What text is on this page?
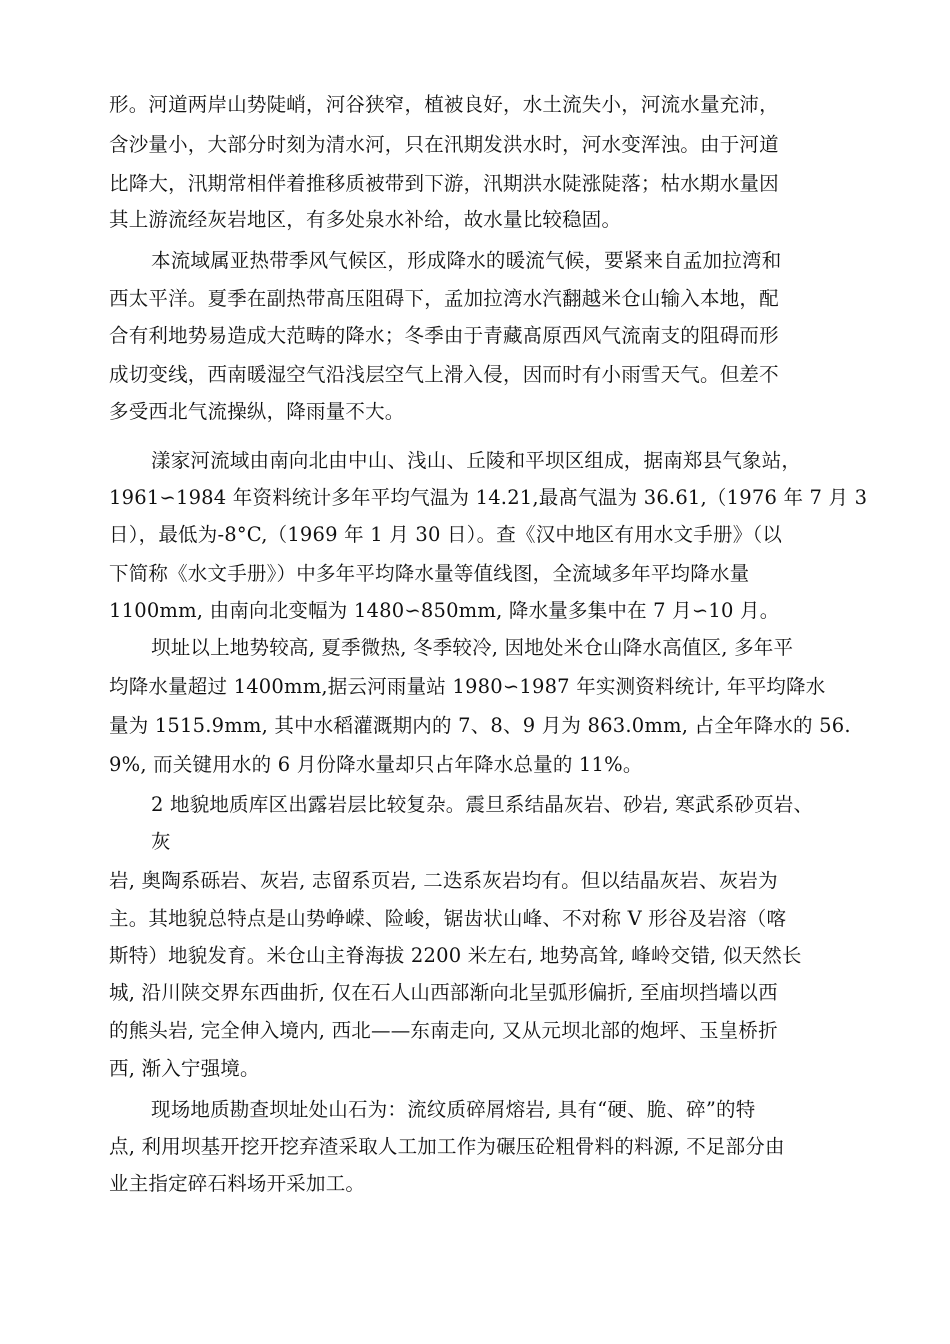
形。河道两岸山势陡峭，河谷狭窄，植被良好，水土流失小，河流水量充沛，
含沙量小，大部分时刻为清水河，只在汛期发洪水时，河水变浑浊。由于河道
比降大，汛期常相伴着推移质被带到下游，汛期洪水陡涨陡落；枯水期水量因
其上游流经灰岩地区，有多处泉水补给，故水量比较稳固。
本流域属亚热带季风气候区，形成降水的暖流气候，要紧来自孟加拉湾和
西太平洋。夏季在副热带髙压阻碍下，孟加拉湾水汽翻越米仓山输入本地，配
合有利地势易造成大范畴的降水；冬季由于青藏髙原西风气流南支的阻碍而形
成切变线，西南暖湿空气沿浅层空气上滑入侵，因而时有小雨雪天气。但差不
多受西北气流操纵，降雨量不大。
漾家河流域由南向北由中山、浅山、丘陵和平坝区组成，据南郑县气象站，
1961∽1984 年资料统计多年平均气温为 14.21,最髙气温为 36.61,（1976 年 7 月 3
日），最低为-8°C,（1969 年 1 月 30 日）。查《汉中地区有用水文手册》（以
下简称《水文手册》）中多年平均降水量等值线图，全流域多年平均降水量
1100mm, 由南向北变幅为 1480∽850mm, 降水量多集中在 7 月∽10 月。
坝址以上地势较高, 夏季微热, 冬季较冷, 因地处米仓山降水高值区, 多年平
均降水量超过 1400mm,据云河雨量站 1980∽1987 年实测资料统计, 年平均降水
量为 1515.9mm, 其中水稻灌溉期内的 7、8、9 月为 863.0mm, 占全年降水的 56.
9%, 而关键用水的 6 月份降水量却只占年降水总量的 11%。
2 地貌地质库区出露岩层比较复杂。震旦系结晶灰岩、砂岩, 寒武系砂页岩、
灰
岩, 奥陶系砾岩、灰岩, 志留系页岩, 二迭系灰岩均有。但以结晶灰岩、灰岩为
主。其地貌总特点是山势峥嵘、险峻，锯齿状山峰、不对称 V 形谷及岩溶（喀
斯特）地貌发育。米仓山主脊海拔 2200 米左右, 地势高耸, 峰岭交错, 似天然长
城, 沿川陕交界东西曲折, 仅在石人山西部渐向北呈弧形偏折, 至庙坝挡墙以西
的熊头岩, 完全伸入境内, 西北——东南走向, 又从元坝北部的炮坪、玉皇桥折
西, 渐入宁强境。
现场地质勘查坝址处山石为：流纹质碎屑熔岩, 具有“硬、脆、碎”的特
点, 利用坝基开挖开挖弃渣采取人工加工作为碾压砼粗骨料的料源, 不足部分由
业主指定碎石料场开采加工。
